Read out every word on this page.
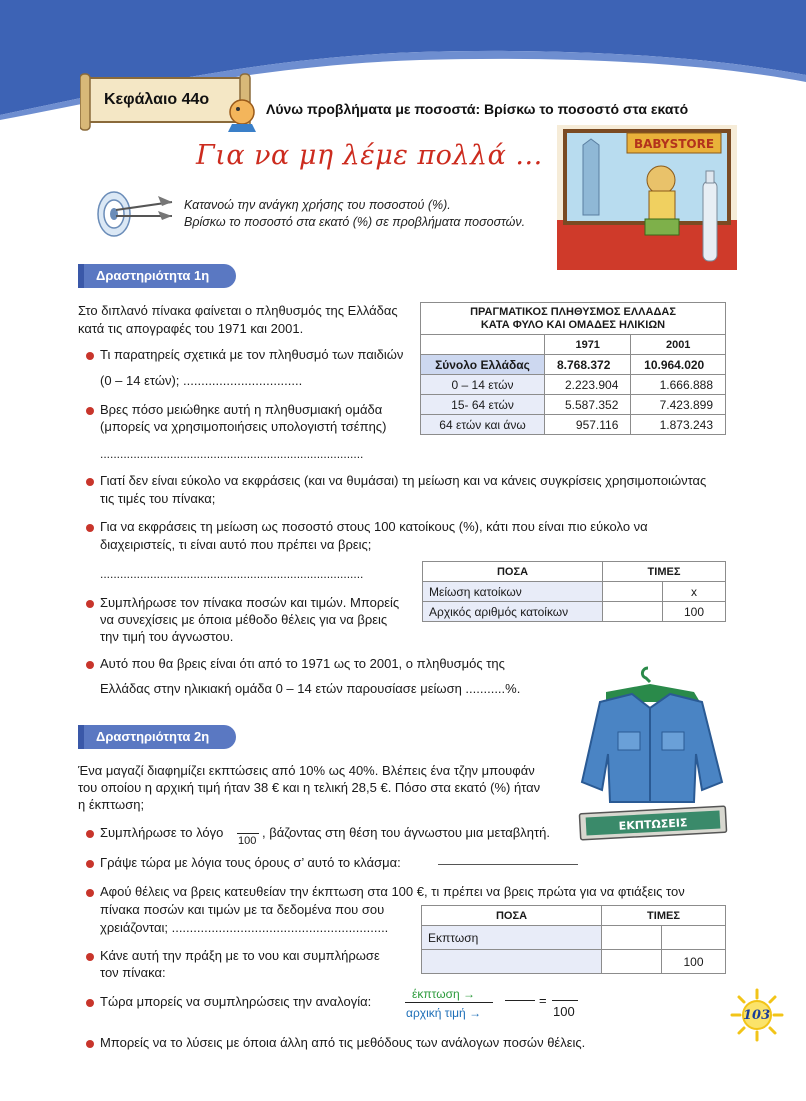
Κεφάλαιο 44ο
Λύνω προβλήματα με ποσοστά: Βρίσκω το ποσοστό στα εκατό
Για να μη λέμε πολλά ...
Κατανοώ την ανάγκη χρήσης του ποσοστού (%).
Βρίσκω το ποσοστό στα εκατό (%) σε προβλήματα ποσοστών.
BABYSTORE
Δραστηριότητα 1η
Στο διπλανό πίνακα φαίνεται ο πληθυσμός της Ελλάδας
κατά τις απογραφές του 1971 και 2001.
Τι παρατηρείς σχετικά με τον πληθυσμό των παιδιών
(0 – 14 ετών); .................................
Βρες πόσο μειώθηκε αυτή η πληθυσμιακή ομάδα
(μπορείς να χρησιμοποιήσεις υπολογιστή τσέπης)
...............................................................................
ΠΡΑΓΜΑΤΙΚΟΣ ΠΛΗΘΥΣΜΟΣ ΕΛΛΑΔΑΣ
ΚΑΤΑ ΦΥΛΟ ΚΑΙ ΟΜΑΔΕΣ ΗΛΙΚΙΩΝ		

	1971	2001
Σύνολο Ελλάδας	8.768.372	10.964.020
0 – 14 ετών	2.223.904	1.666.888
15- 64 ετών	5.587.352	7.423.899
64 ετών και άνω	957.116	1.873.243
Γιατί δεν είναι εύκολο να εκφράσεις (και να θυμάσαι) τη μείωση και να κάνεις συγκρίσεις χρησιμοποιώντας
τις τιμές του πίνακα;
Για να εκφράσεις τη μείωση ως ποσοστό στους 100 κατοίκους (%), κάτι που είναι πιο εύκολο να
διαχειριστείς, τι είναι αυτό που πρέπει να βρεις;
...............................................................................
Συμπλήρωσε τον πίνακα ποσών και τιμών. Μπορείς
να συνεχίσεις με όποια μέθοδο θέλεις για να βρεις
την τιμή του άγνωστου.
ΠΟΣΑ	ΤΙΜΕΣ	
Μείωση κατοίκων		x
Αρχικός αριθμός κατοίκων		100
Αυτό που θα βρεις είναι ότι από το 1971 ως το 2001, ο πληθυσμός της
Ελλάδας στην ηλικιακή ομάδα 0 – 14 ετών παρουσίασε μείωση ...........%.
ΕΚΠΤΩΣΕΙΣ
Δραστηριότητα 2η
Ένα μαγαζί διαφημίζει εκπτώσεις από 10% ως 40%. Βλέπεις ένα τζην μπουφάν
του οποίου η αρχική τιμή ήταν 38 € και η τελική 28,5 €. Πόσο στα εκατό (%) ήταν
η έκπτωση;
Συμπλήρωσε το λόγο
100
, βάζοντας στη θέση του άγνωστου μια μεταβλητή.
Γράψε τώρα με λόγια τους όρους σ’ αυτό το κλάσμα:
Αφού θέλεις να βρεις κατευθείαν την έκπτωση στα 100 €, τι πρέπει να βρεις πρώτα για να φτιάξεις τον
πίνακα ποσών και τιμών με τα δεδομένα που σου
χρειάζονται; ............................................................
ΠΟΣΑ	ΤΙΜΕΣ	
Εκπτωση		
		100
Κάνε αυτή την πράξη με το νου και συμπλήρωσε
τον πίνακα:
Τώρα μπορείς να συμπληρώσεις την αναλογία:	έκπτωση →
αρχική τιμή →
=
100
Μπορείς να το λύσεις με όποια άλλη από τις μεθόδους των ανάλογων ποσών θέλεις.
103
